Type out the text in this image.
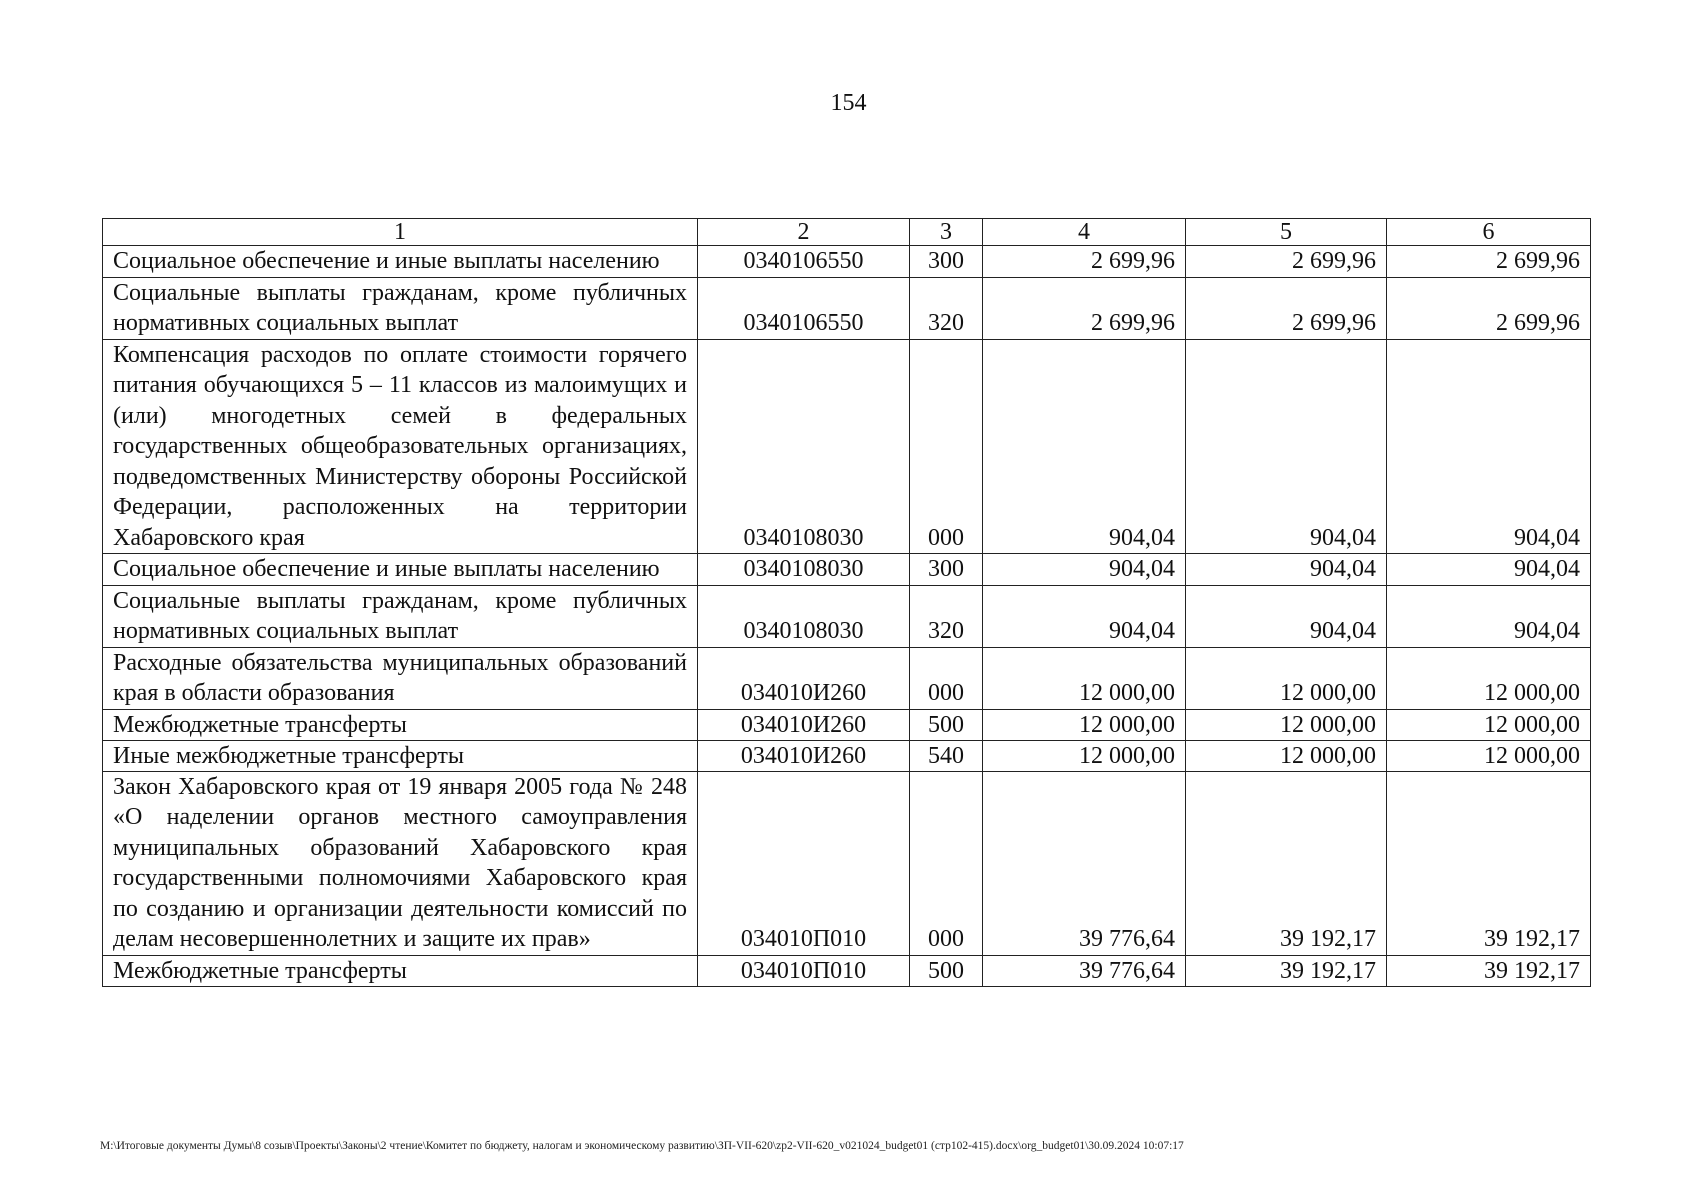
154
1	2	3	4	5	6
Социальное обеспечение и иные выплаты населению	0340106550	300	2 699,96	2 699,96	2 699,96
Социальные выплаты гражданам, кроме публичных нормативных социальных выплат	0340106550	320	2 699,96	2 699,96	2 699,96
Компенсация расходов по оплате стоимости горячего питания обучающихся 5 – 11 классов из малоимущих и (или) многодетных семей в федеральных государственных общеобразовательных организациях, подведомственных Министерству обороны Российской Федерации, расположенных на территории Хабаровского края	0340108030	000	904,04	904,04	904,04
Социальное обеспечение и иные выплаты населению	0340108030	300	904,04	904,04	904,04
Социальные выплаты гражданам, кроме публичных нормативных социальных выплат	0340108030	320	904,04	904,04	904,04
Расходные обязательства муниципальных образований края в области образования	034010И260	000	12 000,00	12 000,00	12 000,00
Межбюджетные трансферты	034010И260	500	12 000,00	12 000,00	12 000,00
Иные межбюджетные трансферты	034010И260	540	12 000,00	12 000,00	12 000,00
Закон Хабаровского края от 19 января 2005 года № 248 «О наделении органов местного самоуправления муниципальных образований Хабаровского края государственными полномочиями Хабаровского края по созданию и организации деятельности комиссий по делам несовершеннолетних и защите их прав»	034010П010	000	39 776,64	39 192,17	39 192,17
Межбюджетные трансферты	034010П010	500	39 776,64	39 192,17	39 192,17
М:\Итоговые документы Думы\8 созыв\Проекты\Законы\2 чтение\Комитет по бюджету, налогам и экономическому развитию\ЗП-VII-620\zp2-VII-620_v021024_budget01 (стр102-415).docx\org_budget01\30.09.2024 10:07:17
